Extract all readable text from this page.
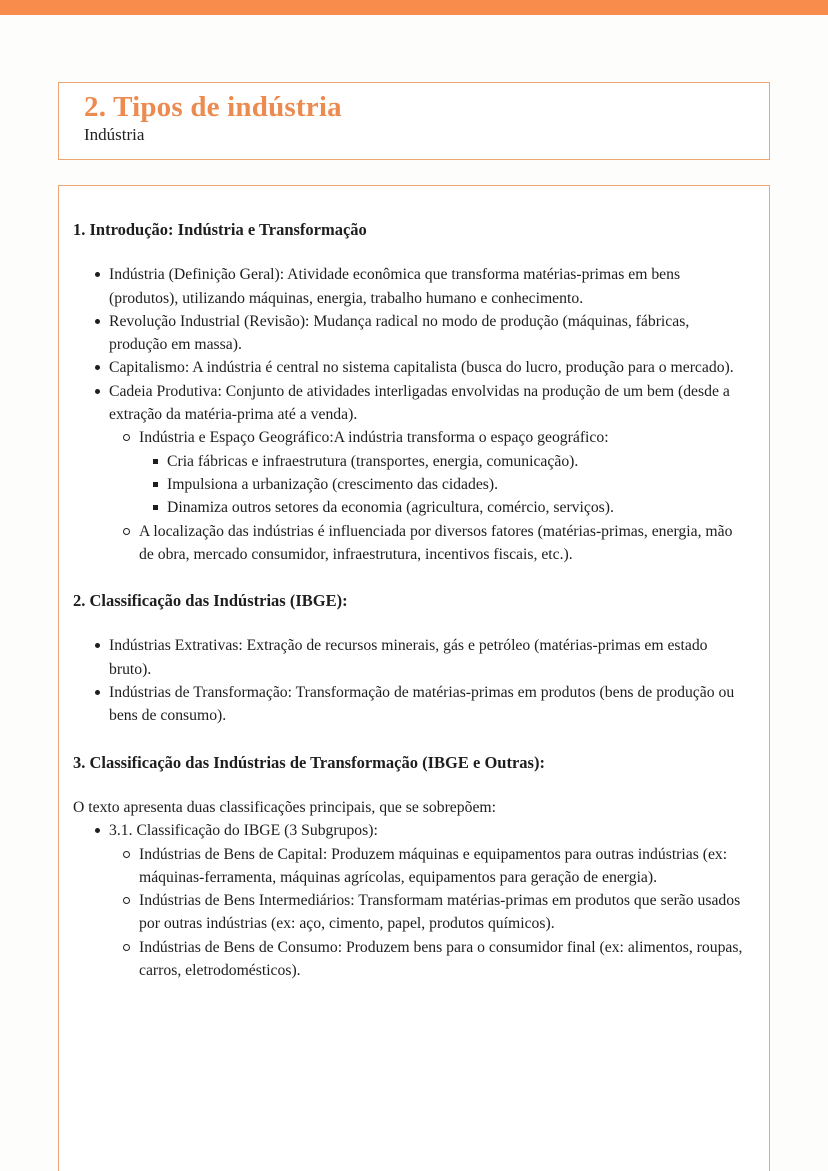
2. Tipos de indústria

Indústria

1. Introdução: Indústria e Transformação
Indústria (Definição Geral): Atividade econômica que transforma matérias-primas em bens (produtos), utilizando máquinas, energia, trabalho humano e conhecimento.
Revolução Industrial (Revisão): Mudança radical no modo de produção (máquinas, fábricas, produção em massa).
Capitalismo: A indústria é central no sistema capitalista (busca do lucro, produção para o mercado).
Cadeia Produtiva: Conjunto de atividades interligadas envolvidas na produção de um bem (desde a extração da matéria-prima até a venda).
Indústria e Espaço Geográfico:A indústria transforma o espaço geográfico:
Cria fábricas e infraestrutura (transportes, energia, comunicação).
Impulsiona a urbanização (crescimento das cidades).
Dinamiza outros setores da economia (agricultura, comércio, serviços).
A localização das indústrias é influenciada por diversos fatores (matérias-primas, energia, mão de obra, mercado consumidor, infraestrutura, incentivos fiscais, etc.).
2. Classificação das Indústrias (IBGE):
Indústrias Extrativas: Extração de recursos minerais, gás e petróleo (matérias-primas em estado bruto).
Indústrias de Transformação: Transformação de matérias-primas em produtos (bens de produção ou bens de consumo).
3. Classificação das Indústrias de Transformação (IBGE e Outras):

O texto apresenta duas classificações principais, que se sobrepõem:

3.1. Classificação do IBGE (3 Subgrupos):
Indústrias de Bens de Capital: Produzem máquinas e equipamentos para outras indústrias (ex: máquinas-ferramenta, máquinas agrícolas, equipamentos para geração de energia).
Indústrias de Bens Intermediários: Transformam matérias-primas em produtos que serão usados por outras indústrias (ex: aço, cimento, papel, produtos químicos).
Indústrias de Bens de Consumo: Produzem bens para o consumidor final (ex: alimentos, roupas, carros, eletrodomésticos).
